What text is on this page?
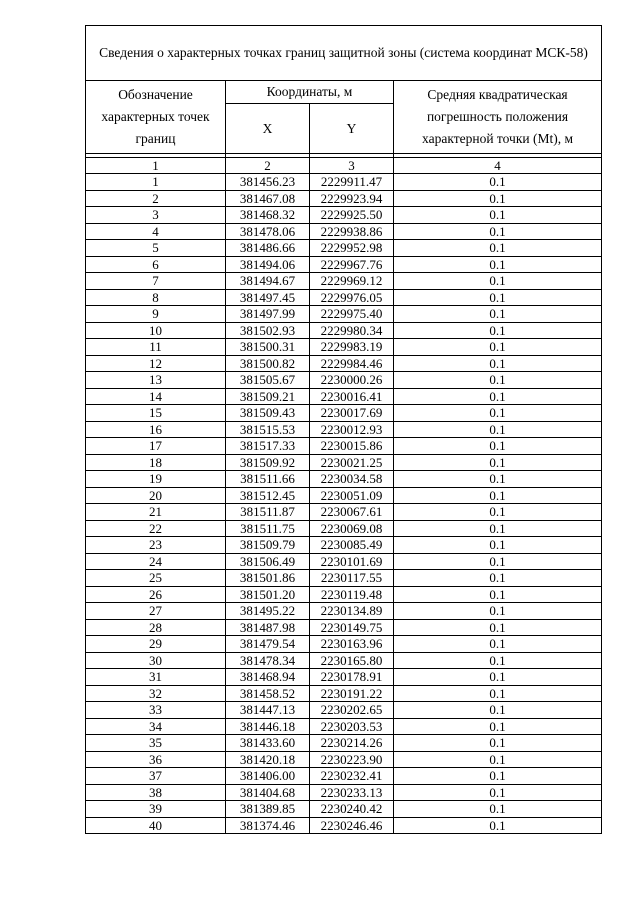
Сведения о характерных точках границ защитной зоны (система координат МСК-58)			
Обозначение характерных точек границ	Координаты, м		Средняя квадратическая погрешность положения характерной точки (Mt), м
	X	Y	

1	2	3	4
1	381456.23	2229911.47	0.1
2	381467.08	2229923.94	0.1
3	381468.32	2229925.50	0.1
4	381478.06	2229938.86	0.1
5	381486.66	2229952.98	0.1
6	381494.06	2229967.76	0.1
7	381494.67	2229969.12	0.1
8	381497.45	2229976.05	0.1
9	381497.99	2229975.40	0.1
10	381502.93	2229980.34	0.1
11	381500.31	2229983.19	0.1
12	381500.82	2229984.46	0.1
13	381505.67	2230000.26	0.1
14	381509.21	2230016.41	0.1
15	381509.43	2230017.69	0.1
16	381515.53	2230012.93	0.1
17	381517.33	2230015.86	0.1
18	381509.92	2230021.25	0.1
19	381511.66	2230034.58	0.1
20	381512.45	2230051.09	0.1
21	381511.87	2230067.61	0.1
22	381511.75	2230069.08	0.1
23	381509.79	2230085.49	0.1
24	381506.49	2230101.69	0.1
25	381501.86	2230117.55	0.1
26	381501.20	2230119.48	0.1
27	381495.22	2230134.89	0.1
28	381487.98	2230149.75	0.1
29	381479.54	2230163.96	0.1
30	381478.34	2230165.80	0.1
31	381468.94	2230178.91	0.1
32	381458.52	2230191.22	0.1
33	381447.13	2230202.65	0.1
34	381446.18	2230203.53	0.1
35	381433.60	2230214.26	0.1
36	381420.18	2230223.90	0.1
37	381406.00	2230232.41	0.1
38	381404.68	2230233.13	0.1
39	381389.85	2230240.42	0.1
40	381374.46	2230246.46	0.1
